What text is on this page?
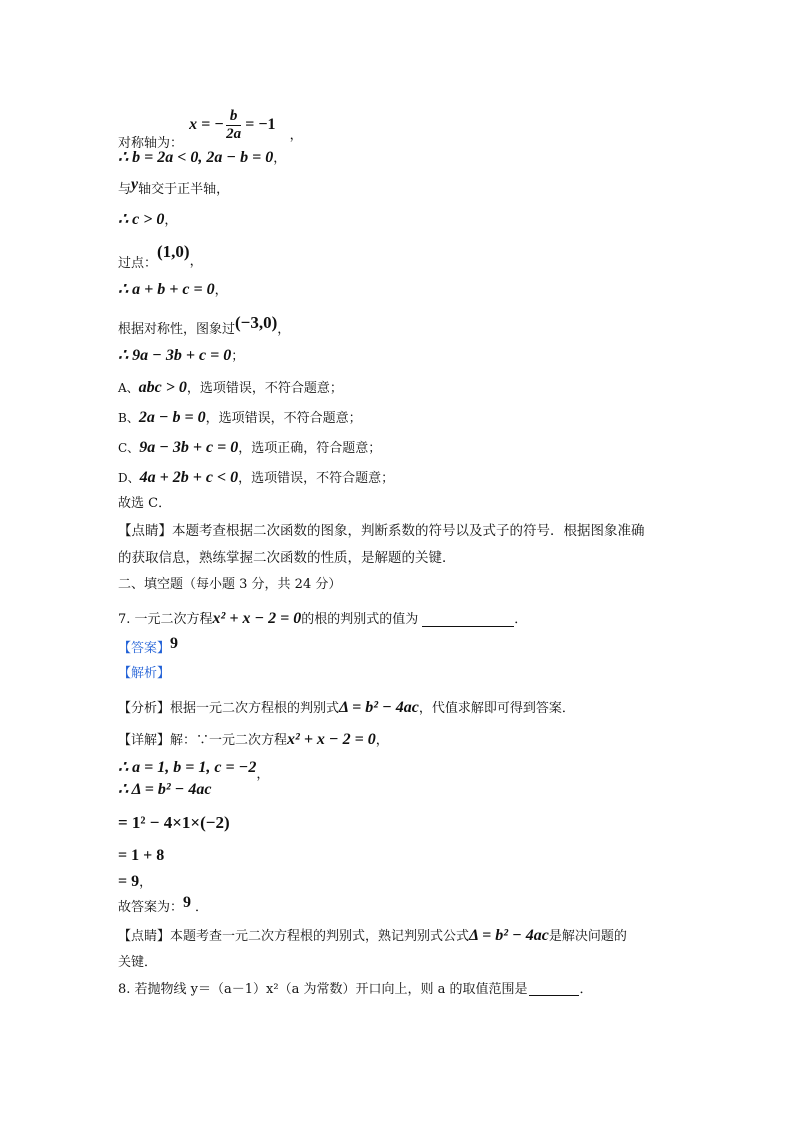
对称轴为： x = − $\frac{b}{2a} = -1$ ，
∴ b = 2a < 0, 2a − b = 0，
与y轴交于正半轴，
∴ c > 0，
过点：(1,0)，
∴ a + b + c = 0，
根据对称性，图象过(−3,0)，
∴ 9a − 3b + c = 0；
A、abc > 0，选项错误，不符合题意；
B、2a − b = 0，选项错误，不符合题意；
C、9a − 3b + c = 0，选项正确，符合题意；
D、4a + 2b + c < 0，选项错误，不符合题意；
故选 C．
【点睛】本题考查根据二次函数的图象，判断系数的符号以及式子的符号．根据图象准确
的获取信息，熟练掌握二次函数的性质，是解题的关键．
二、填空题（每小题 3 分，共 24 分）
7. 一元二次方程x² + x − 2 = 0的根的判别式的值为	．
【答案】9
【解析】
【分析】根据一元二次方程根的判别式Δ = b² − 4ac，代值求解即可得到答案．
【详解】解：∵一元二次方程x² + x − 2 = 0，
∴ a = 1, b = 1, c = −2，
∴ Δ = b² − 4ac
= 1² − 4×1×(−2)
= 1 + 8
= 9，
故答案为：9 ．
【点睛】本题考查一元二次方程根的判别式，熟记判别式公式Δ = b² − 4ac是解决问题的
关键．
8. 若抛物线 y＝（a－1）x²（a 为常数）开口向上，则 a 的取值范围是	．
